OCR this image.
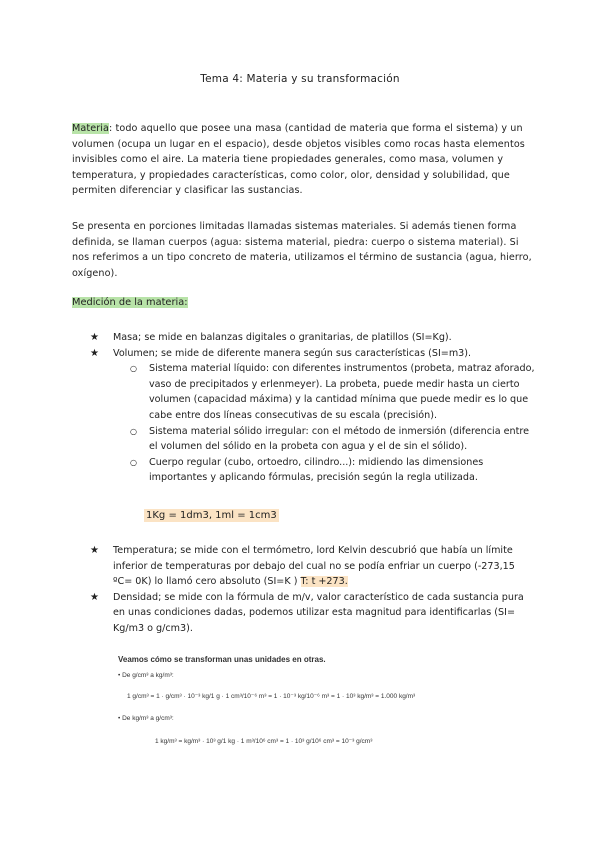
Tema 4: Materia y su transformación
Materia: todo aquello que posee una masa (cantidad de materia que forma el sistema) y un volumen (ocupa un lugar en el espacio), desde objetos visibles como rocas hasta elementos invisibles como el aire. La materia tiene propiedades generales, como masa, volumen y temperatura, y propiedades características, como color, olor, densidad y solubilidad, que permiten diferenciar y clasificar las sustancias.
Se presenta en porciones limitadas llamadas sistemas materiales. Si además tienen forma definida, se llaman cuerpos (agua: sistema material, piedra: cuerpo o sistema material). Si nos referimos a un tipo concreto de materia, utilizamos el término de sustancia (agua, hierro, oxígeno).
Medición de la materia:
★ Masa; se mide en balanzas digitales o granitarias, de platillos (SI=Kg).
★ Volumen; se mide de diferente manera según sus características (SI=m3).
○ Sistema material líquido: con diferentes instrumentos (probeta, matraz aforado, vaso de precipitados y erlenmeyer). La probeta, puede medir hasta un cierto volumen (capacidad máxima) y la cantidad mínima que puede medir es lo que cabe entre dos líneas consecutivas de su escala (precisión).
○ Sistema material sólido irregular: con el método de inmersión (diferencia entre el volumen del sólido en la probeta con agua y el de sin el sólido).
○ Cuerpo regular (cubo, ortoedro, cilindro...): midiendo las dimensiones importantes y aplicando fórmulas, precisión según la regla utilizada.
1Kg = 1dm3, 1ml = 1cm3
★ Temperatura; se mide con el termómetro, lord Kelvin descubrió que había un límite inferior de temperaturas por debajo del cual no se podía enfriar un cuerpo (-273,15 ºC= 0K) lo llamó cero absoluto (SI=K ) T: t +273.
★ Densidad; se mide con la fórmula de m/v, valor característico de cada sustancia pura en unas condiciones dadas, podemos utilizar esta magnitud para identificarlas (SI= Kg/m3 o g/cm3).
Veamos cómo se transforman unas unidades en otras.
• De g/cm³ a kg/m³:
1 g/cm³ = 1 · g/cm³ · 10⁻³ kg/1 g · 1 cm³/10⁻⁶ m³ = 1 · 10⁻³ kg/10⁻⁶ m³ = 1 · 10³ kg/m³ = 1.000 kg/m³
• De kg/m³ a g/cm³:
1 kg/m³ = kg/m³ · 10³ g/1 kg · 1 m³/10⁶ cm³ = 1 · 10³ g/10⁶ cm³ = 10⁻³ g/cm³
